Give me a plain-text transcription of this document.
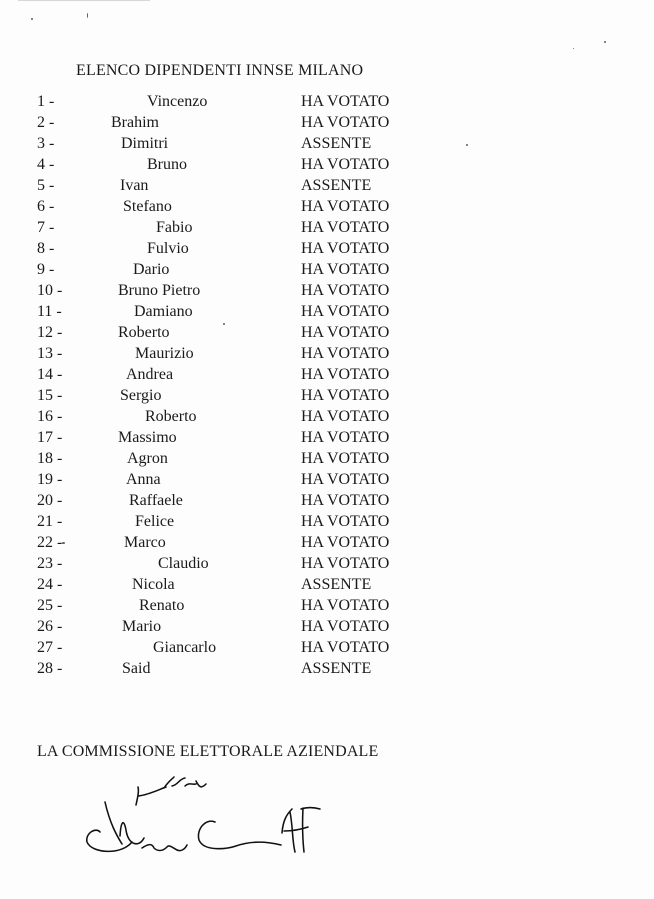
ELENCO DIPENDENTI INNSE MILANO
1 -	Vincenzo	HA VOTATO
2 -	Brahim	HA VOTATO
3 -	Dimitri	ASSENTE
4 -	Bruno	HA VOTATO
5 -	Ivan	ASSENTE
6 -	Stefano	HA VOTATO
7 -	Fabio	HA VOTATO
8 -	Fulvio	HA VOTATO
9 -	Dario	HA VOTATO
10 -	Bruno Pietro	HA VOTATO
11 -	Damiano	HA VOTATO
12 -	Roberto	HA VOTATO
13 -	Maurizio	HA VOTATO
14 -	Andrea	HA VOTATO
15 -	Sergio	HA VOTATO
16 -	Roberto	HA VOTATO
17 -	Massimo	HA VOTATO
18 -	Agron	HA VOTATO
19 -	Anna	HA VOTATO
20 -	Raffaele	HA VOTATO
21 -	Felice	HA VOTATO
22 -	Marco	HA VOTATO
23 -	Claudio	HA VOTATO
24 -	Nicola	ASSENTE
25 -	Renato	HA VOTATO
26 -	Mario	HA VOTATO
27 -	Giancarlo	HA VOTATO
28 -	Said	ASSENTE
LA COMMISSIONE ELETTORALE AZIENDALE
